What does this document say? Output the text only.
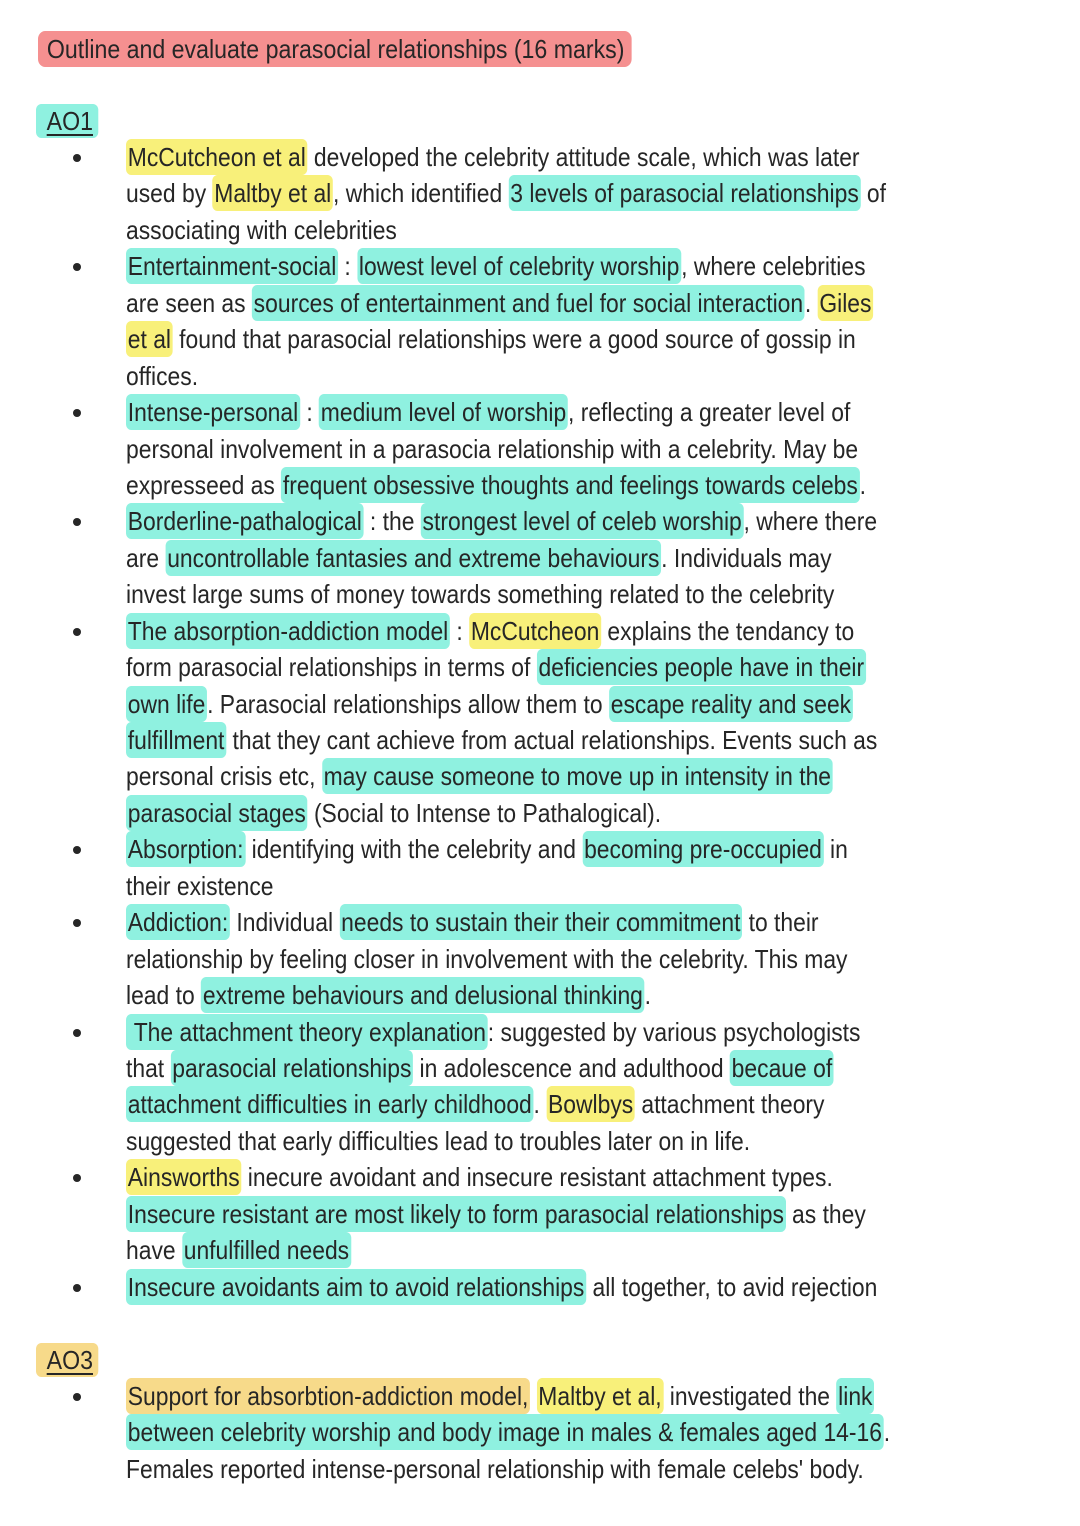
Outline and evaluate parasocial relationships (16 marks)
AO1
McCutcheon et al developed the celebrity attitude scale, which was later
used by Maltby et al, which identified 3 levels of parasocial relationships of
associating with celebrities
Entertainment-social : lowest level of celebrity worship, where celebrities
are seen as sources of entertainment and fuel for social interaction. Giles
et al found that parasocial relationships were a good source of gossip in
offices.
Intense-personal : medium level of worship, reflecting a greater level of
personal involvement in a parasocia relationship with a celebrity. May be
expresseed as frequent obsessive thoughts and feelings towards celebs.
Borderline-pathalogical : the strongest level of celeb worship, where there
are uncontrollable fantasies and extreme behaviours. Individuals may
invest large sums of money towards something related to the celebrity
The absorption-addiction model : McCutcheon explains the tendancy to
form parasocial relationships in terms of deficiencies people have in their
own life. Parasocial relationships allow them to escape reality and seek
fulfillment that they cant achieve from actual relationships. Events such as
personal crisis etc, may cause someone to move up in intensity in the
parasocial stages (Social to Intense to Pathalogical).
Absorption: identifying with the celebrity and becoming pre-occupied in
their existence
Addiction: Individual needs to sustain their their commitment to their
relationship by feeling closer in involvement with the celebrity. This may
lead to extreme behaviours and delusional thinking.
The attachment theory explanation: suggested by various psychologists
that parasocial relationships in adolescence and adulthood becaue of
attachment difficulties in early childhood. Bowlbys attachment theory
suggested that early difficulties lead to troubles later on in life.
Ainsworths inecure avoidant and insecure resistant attachment types.
Insecure resistant are most likely to form parasocial relationships as they
have unfulfilled needs
Insecure avoidants aim to avoid relationships all together, to avid rejection
AO3
Support for absorbtion-addiction model, Maltby et al, investigated the link
between celebrity worship and body image in males & females aged 14-16.
Females reported intense-personal relationship with female celebs' body.
